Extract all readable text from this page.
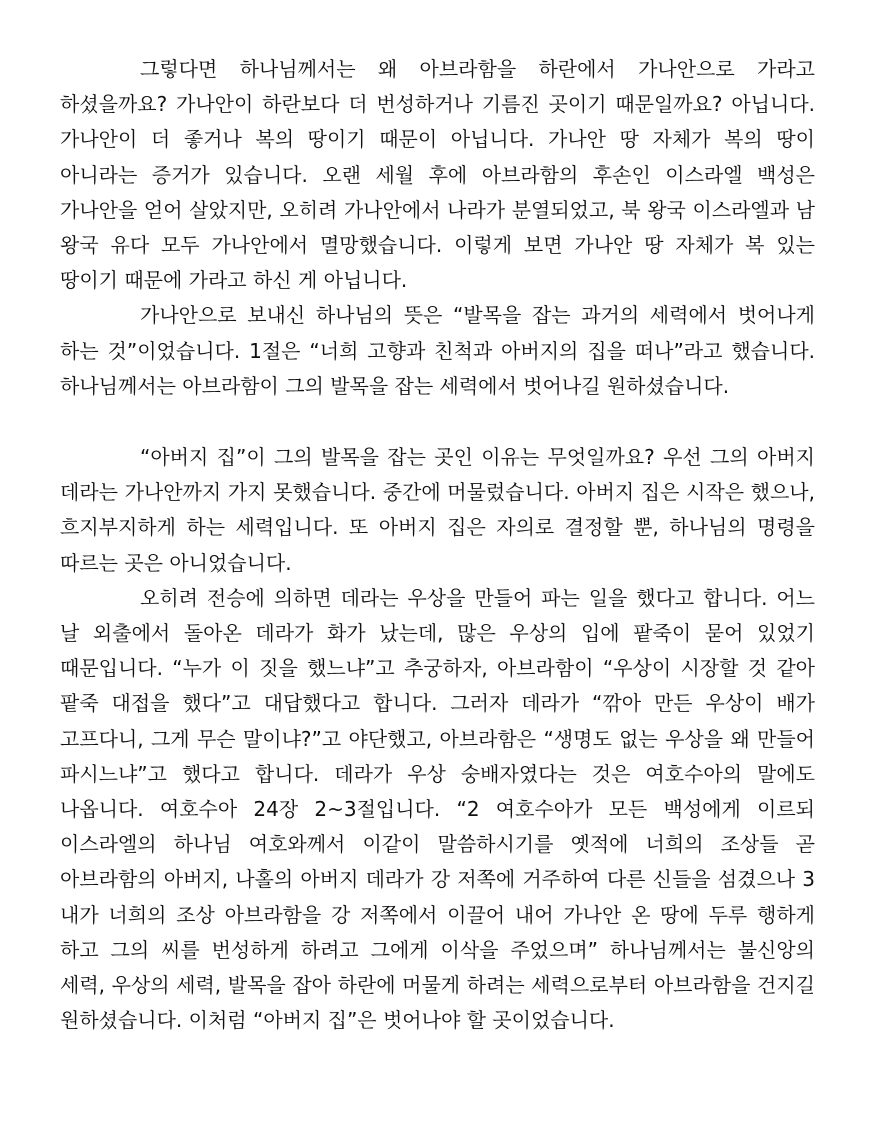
그렇다면 하나님께서는 왜 아브라함을 하란에서 가나안으로 가라고 하셨을까요? 가나안이 하란보다 더 번성하거나 기름진 곳이기 때문일까요? 아닙니다. 가나안이 더 좋거나 복의 땅이기 때문이 아닙니다. 가나안 땅 자체가 복의 땅이 아니라는 증거가 있습니다. 오랜 세월 후에 아브라함의 후손인 이스라엘 백성은 가나안을 얻어 살았지만, 오히려 가나안에서 나라가 분열되었고, 북 왕국 이스라엘과 남 왕국 유다 모두 가나안에서 멸망했습니다. 이렇게 보면 가나안 땅 자체가 복 있는 땅이기 때문에 가라고 하신 게 아닙니다.

가나안으로 보내신 하나님의 뜻은 “발목을 잡는 과거의 세력에서 벗어나게 하는 것”이었습니다. 1절은 “너희 고향과 친척과 아버지의 집을 떠나”라고 했습니다. 하나님께서는 아브라함이 그의 발목을 잡는 세력에서 벗어나길 원하셨습니다.

“아버지 집”이 그의 발목을 잡는 곳인 이유는 무엇일까요? 우선 그의 아버지 데라는 가나안까지 가지 못했습니다. 중간에 머물렀습니다. 아버지 집은 시작은 했으나, 흐지부지하게 하는 세력입니다. 또 아버지 집은 자의로 결정할 뿐, 하나님의 명령을 따르는 곳은 아니었습니다.

오히려 전승에 의하면 데라는 우상을 만들어 파는 일을 했다고 합니다. 어느 날 외출에서 돌아온 데라가 화가 났는데, 많은 우상의 입에 팥죽이 묻어 있었기 때문입니다. “누가 이 짓을 했느냐”고 추궁하자, 아브라함이 “우상이 시장할 것 같아 팥죽 대접을 했다”고 대답했다고 합니다. 그러자 데라가 “깎아 만든 우상이 배가 고프다니, 그게 무슨 말이냐?”고 야단했고, 아브라함은 “생명도 없는 우상을 왜 만들어 파시느냐”고 했다고 합니다. 데라가 우상 숭배자였다는 것은 여호수아의 말에도 나옵니다. 여호수아 24장 2~3절입니다. “2 여호수아가 모든 백성에게 이르되 이스라엘의 하나님 여호와께서 이같이 말씀하시기를 옛적에 너희의 조상들 곧 아브라함의 아버지, 나홀의 아버지 데라가 강 저쪽에 거주하여 다른 신들을 섬겼으나 3 내가 너희의 조상 아브라함을 강 저쪽에서 이끌어 내어 가나안 온 땅에 두루 행하게 하고 그의 씨를 번성하게 하려고 그에게 이삭을 주었으며” 하나님께서는 불신앙의 세력, 우상의 세력, 발목을 잡아 하란에 머물게 하려는 세력으로부터 아브라함을 건지길 원하셨습니다. 이처럼 “아버지 집”은 벗어나야 할 곳이었습니다.
